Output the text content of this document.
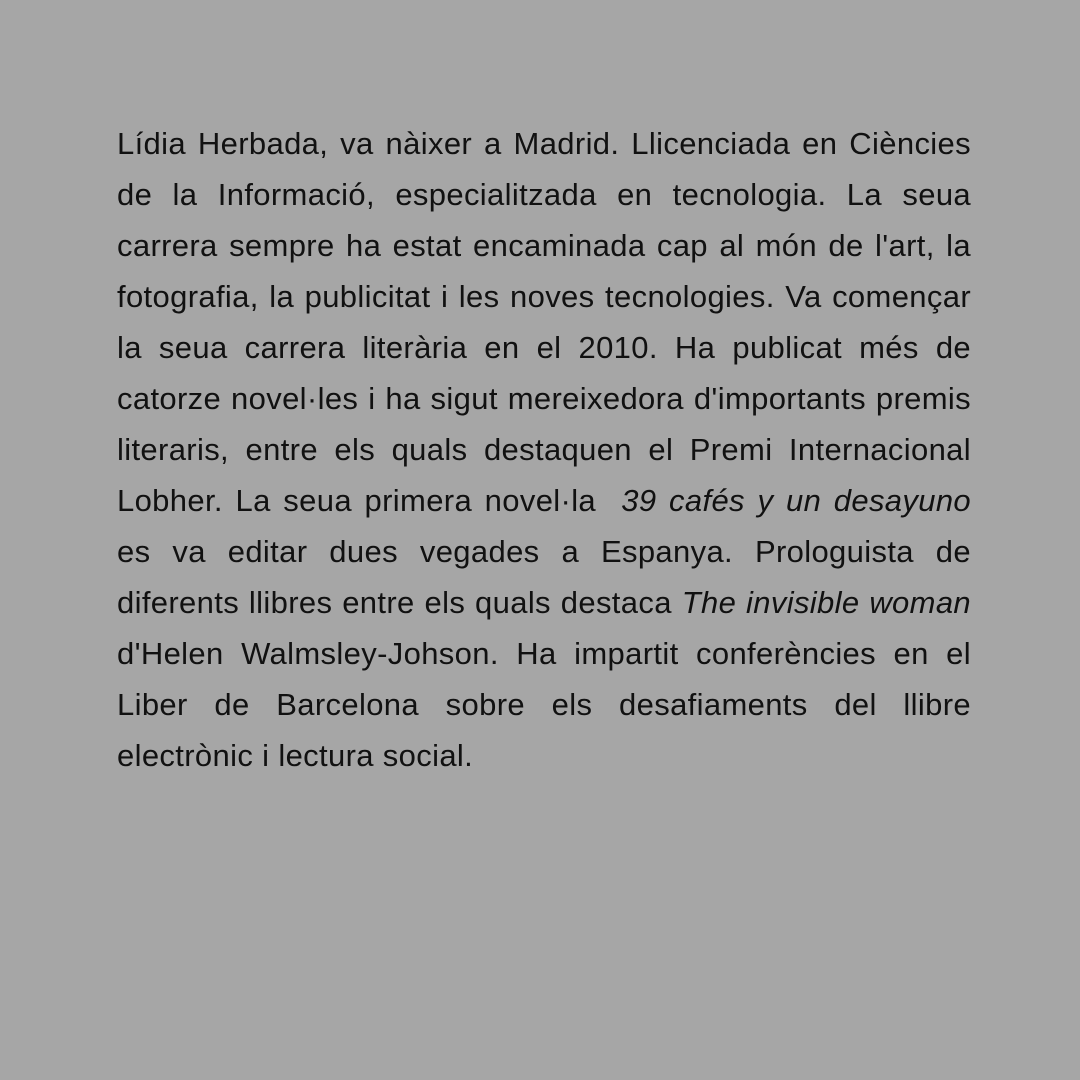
Lídia Herbada, va nàixer a Madrid. Llicenciada en Ciències de la Informació, especialitzada en tecnologia. La seua carrera sempre ha estat encaminada cap al món de l'art, la fotografia, la publicitat i les noves tecnologies. Va començar la seua carrera literària en el 2010. Ha publicat més de catorze novel·les i ha sigut mereixedora d'importants premis literaris, entre els quals destaquen el Premi Internacional Lobher. La seua primera novel·la  39 cafés y un desayuno es va editar dues vegades a Espanya. Prologuista de diferents llibres entre els quals destaca The invisible woman d'Helen Walmsley-Johson. Ha impartit conferències en el Liber de Barcelona sobre els desafiaments del llibre electrònic i lectura social.
